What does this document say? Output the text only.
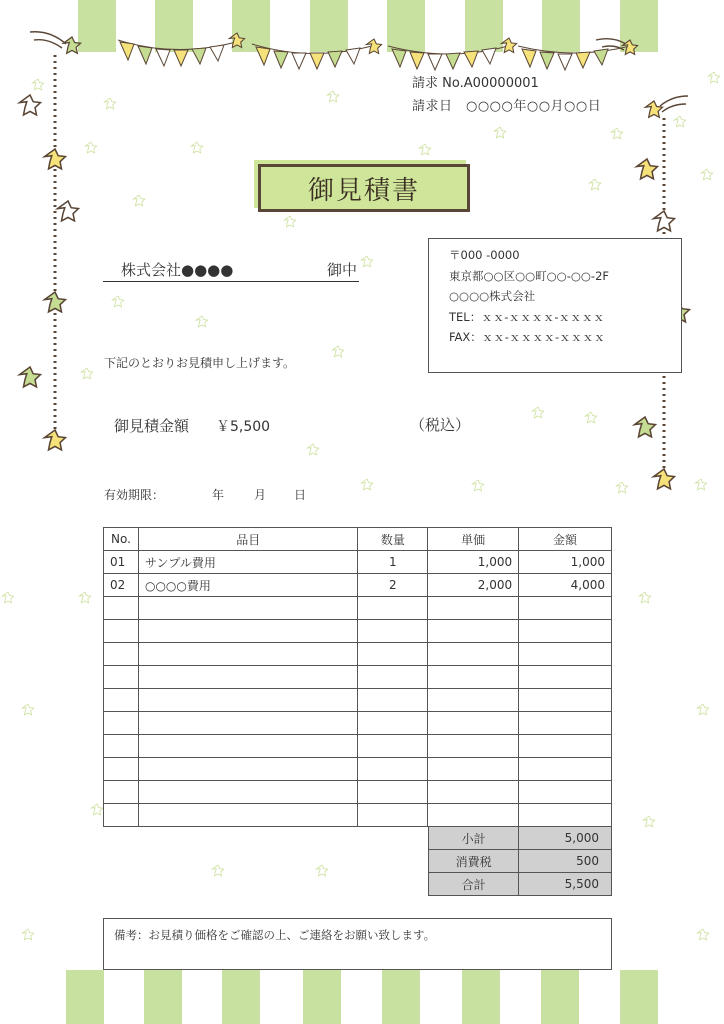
請求 No.A00000001
請求日　○○○○年○○月○○日
御見積書
株式会社●●●●	御中
〒000 -0000
東京都○○区○○町○○-○○-2F
○○○○株式会社
TEL：ｘｘ-ｘｘｘｘ-ｘｘｘｘ
FAX：ｘｘ-ｘｘｘｘ-ｘｘｘｘ
下記のとおりお見積申し上げます。
御見積金額 ￥5,500	（税込）
有効期限：	年 月 日
No.	品目	数量	単価	金額
01	サンプル費用	1	1,000	1,000
02	○○○○費用	2	2,000	4,000

小計	5,000
消費税	500
合計	5,500
備考：お見積り価格をご確認の上、ご連絡をお願い致します。
